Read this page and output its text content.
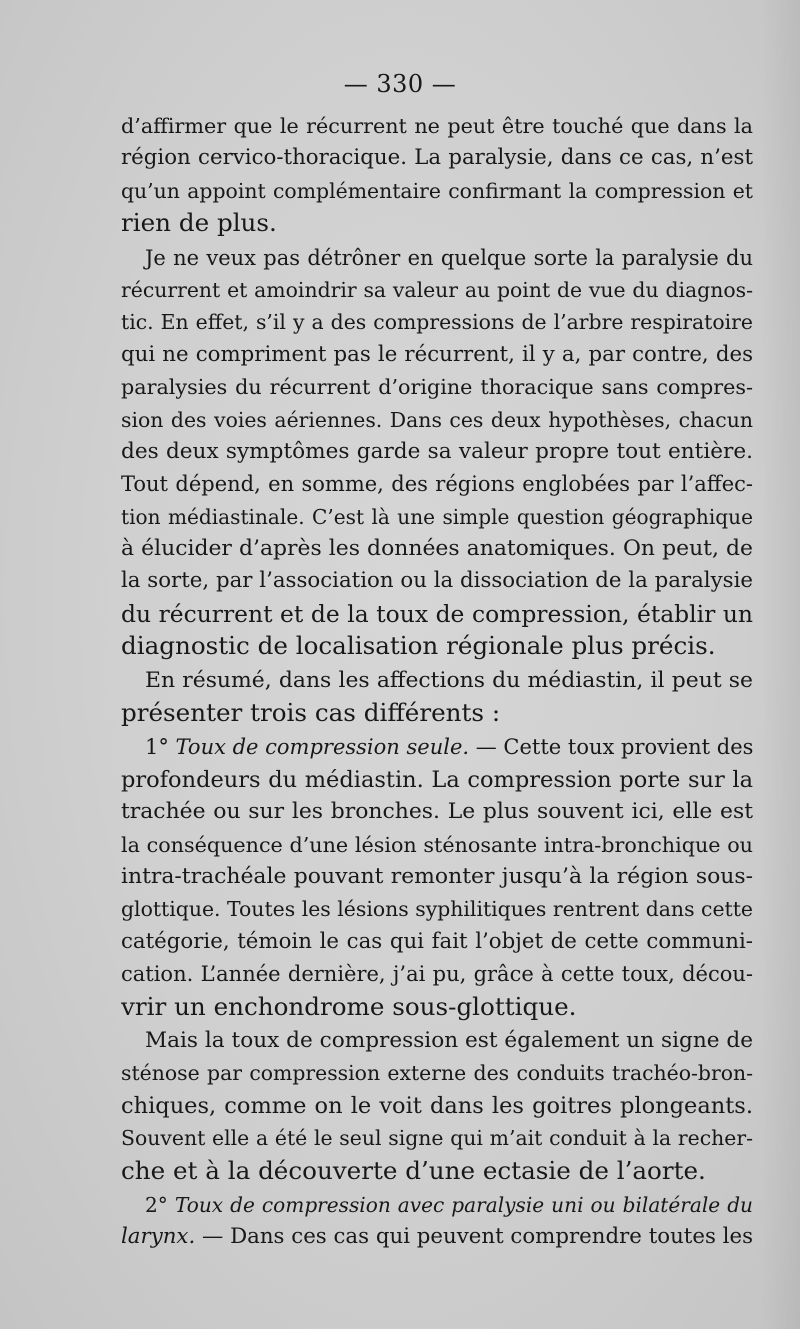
— 330 —
d’affirmer que le récurrent ne peut être touché que dans la
région cervico-thoracique. La paralysie, dans ce cas, n’est
qu’un appoint complémentaire confirmant la compression et
rien de plus.
Je ne veux pas détrôner en quelque sorte la paralysie du
récurrent et amoindrir sa valeur au point de vue du diagnos-
tic. En effet, s’il y a des compressions de l’arbre respiratoire
qui ne compriment pas le récurrent, il y a, par contre, des
paralysies du récurrent d’origine thoracique sans compres-
sion des voies aériennes. Dans ces deux hypothèses, chacun
des deux symptômes garde sa valeur propre tout entière.
Tout dépend, en somme, des régions englobées par l’affec-
tion médiastinale. C’est là une simple question géographique
à élucider d’après les données anatomiques. On peut, de
la sorte, par l’association ou la dissociation de la paralysie
du récurrent et de la toux de compression, établir un
diagnostic de localisation régionale plus précis.
En résumé, dans les affections du médiastin, il peut se
présenter trois cas différents :
1° Toux de compression seule. — Cette toux provient des
profondeurs du médiastin. La compression porte sur la
trachée ou sur les bronches. Le plus souvent ici, elle est
la conséquence d’une lésion sténosante intra-bronchique ou
intra-trachéale pouvant remonter jusqu’à la région sous-
glottique. Toutes les lésions syphilitiques rentrent dans cette
catégorie, témoin le cas qui fait l’objet de cette communi-
cation. L’année dernière, j’ai pu, grâce à cette toux, décou-
vrir un enchondrome sous-glottique.
Mais la toux de compression est également un signe de
sténose par compression externe des conduits trachéo-bron-
chiques, comme on le voit dans les goitres plongeants.
Souvent elle a été le seul signe qui m’ait conduit à la recher-
che et à la découverte d’une ectasie de l’aorte.
2° Toux de compression avec paralysie uni ou bilatérale du
larynx. — Dans ces cas qui peuvent comprendre toutes les
